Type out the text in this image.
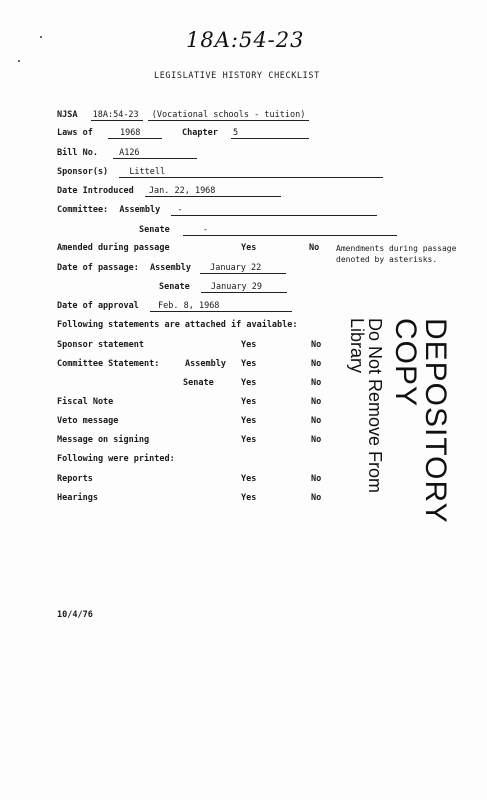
18A:54-23
LEGISLATIVE HISTORY CHECKLIST
NJSA 18A:54-23 (Vocational schools - tuition)
Laws of	1968	Chapter 5
Bill No. A126
Sponsor(s) Littell
Date Introduced Jan. 22, 1968
Committee: Assembly -
Senate	-
Amended during passage	Yes	No Amendments during passage denoted by asterisks.
Date of passage: Assembly January 22
Senate January 29
Date of approval Feb. 8, 1968
Following statements are attached if available:
Sponsor statement	Yes	No
Committee Statement:	Assembly Yes	No
Senate	Yes	No
Fiscal Note	Yes	No
Veto message	Yes	No
Message on signing	Yes	No
Following were printed:
Reports	Yes	No
Hearings	Yes	No	DEPOSITORY COPY
Do Not Remove From Library
10/4/76
